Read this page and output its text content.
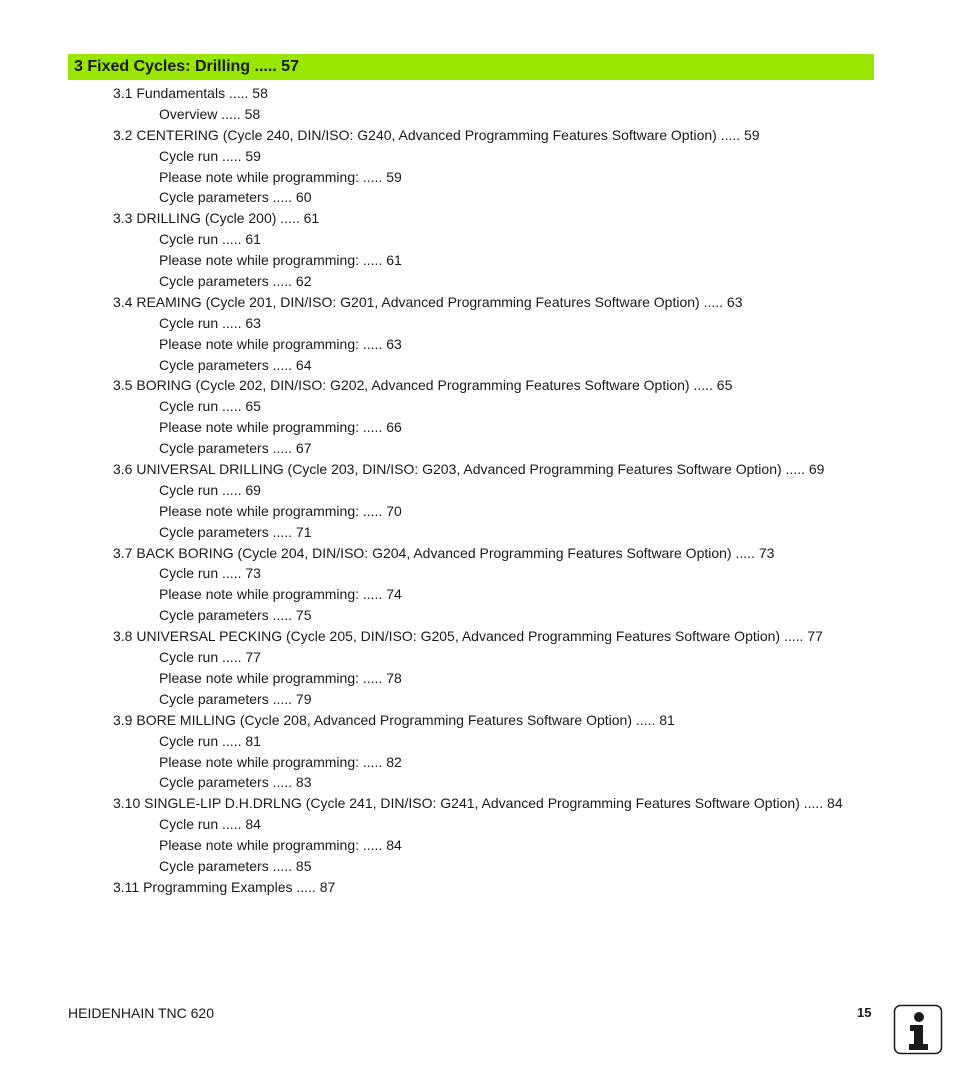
3 Fixed Cycles: Drilling ..... 57
3.1 Fundamentals ..... 58
Overview ..... 58
3.2 CENTERING (Cycle 240, DIN/ISO: G240, Advanced Programming Features Software Option) ..... 59
Cycle run ..... 59
Please note while programming: ..... 59
Cycle parameters ..... 60
3.3 DRILLING (Cycle 200) ..... 61
Cycle run ..... 61
Please note while programming: ..... 61
Cycle parameters ..... 62
3.4 REAMING (Cycle 201, DIN/ISO: G201, Advanced Programming Features Software Option) ..... 63
Cycle run ..... 63
Please note while programming: ..... 63
Cycle parameters ..... 64
3.5 BORING (Cycle 202, DIN/ISO: G202, Advanced Programming Features Software Option) ..... 65
Cycle run ..... 65
Please note while programming: ..... 66
Cycle parameters ..... 67
3.6 UNIVERSAL DRILLING (Cycle 203, DIN/ISO: G203, Advanced Programming Features Software Option) ..... 69
Cycle run ..... 69
Please note while programming: ..... 70
Cycle parameters ..... 71
3.7 BACK BORING (Cycle 204, DIN/ISO: G204, Advanced Programming Features Software Option) ..... 73
Cycle run ..... 73
Please note while programming: ..... 74
Cycle parameters ..... 75
3.8 UNIVERSAL PECKING (Cycle 205, DIN/ISO: G205, Advanced Programming Features Software Option) ..... 77
Cycle run ..... 77
Please note while programming: ..... 78
Cycle parameters ..... 79
3.9 BORE MILLING (Cycle 208, Advanced Programming Features Software Option) ..... 81
Cycle run ..... 81
Please note while programming: ..... 82
Cycle parameters ..... 83
3.10 SINGLE-LIP D.H.DRLNG (Cycle 241, DIN/ISO: G241, Advanced Programming Features Software Option) ..... 84
Cycle run ..... 84
Please note while programming: ..... 84
Cycle parameters ..... 85
3.11 Programming Examples ..... 87
HEIDENHAIN TNC 620	15
